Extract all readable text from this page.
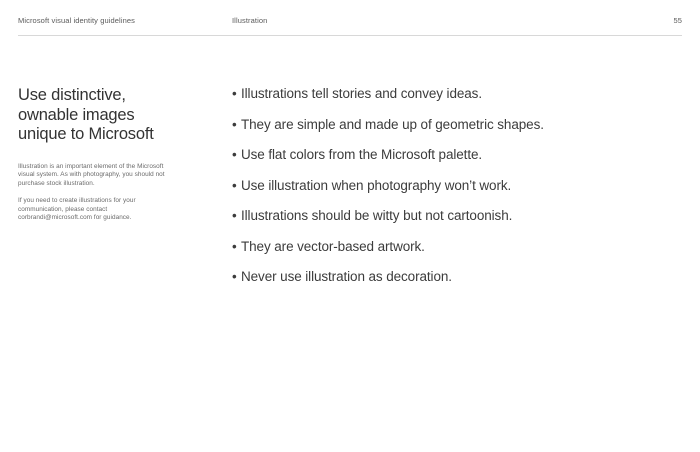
Microsoft visual identity guidelines	Illustration	55
Use distinctive, ownable images unique to Microsoft

Illustration is an important element of the Microsoft visual system. As with photography, you should not purchase stock illustration.

If you need to create illustrations for your communication, please contact corbrandi@microsoft.com for guidance.

• Illustrations tell stories and convey ideas.
• They are simple and made up of geometric shapes.
• Use flat colors from the Microsoft palette.
• Use illustration when photography won’t work.
• Illustrations should be witty but not cartoonish.
• They are vector-based artwork.
• Never use illustration as decoration.
